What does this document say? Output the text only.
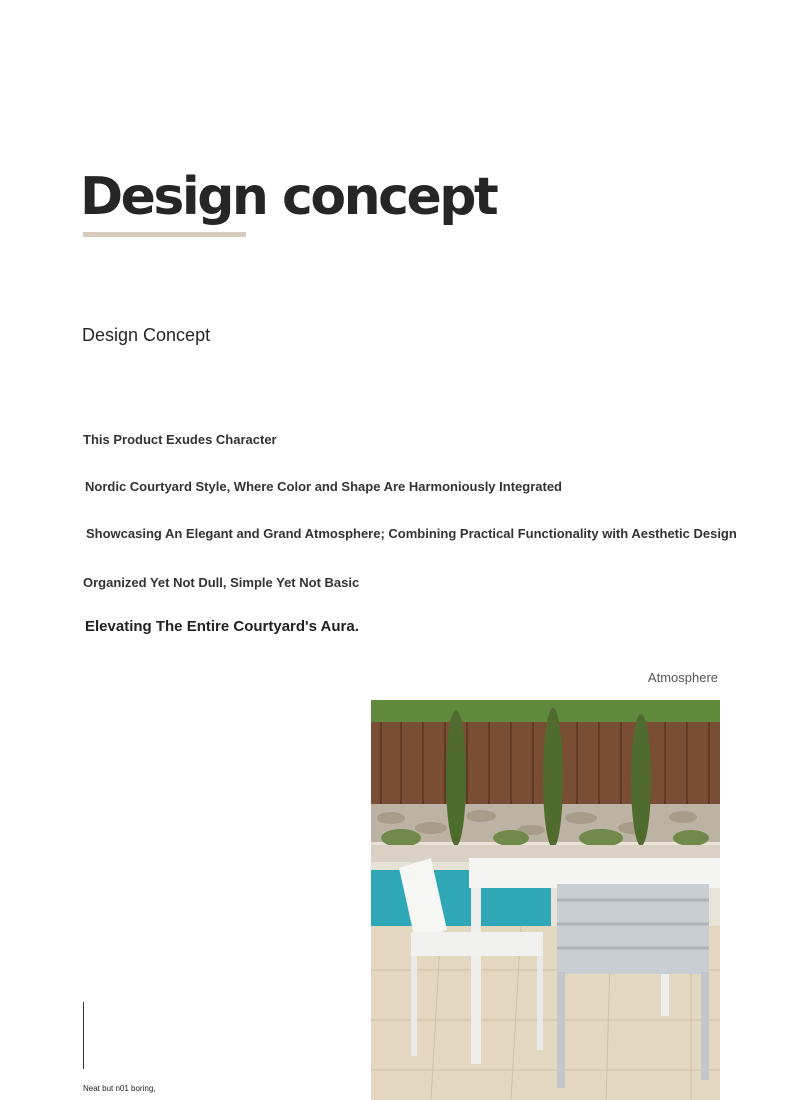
Design concept
Design Concept
This Product Exudes Character
Nordic Courtyard Style, Where Color and Shape Are Harmoniously Integrated
Showcasing An Elegant and Grand Atmosphere; Combining Practical Functionality with Aesthetic Design
Organized Yet Not Dull, Simple Yet Not Basic
Elevating The Entire Courtyard's Aura.
Atmosphere
Neat but n01 boring,
